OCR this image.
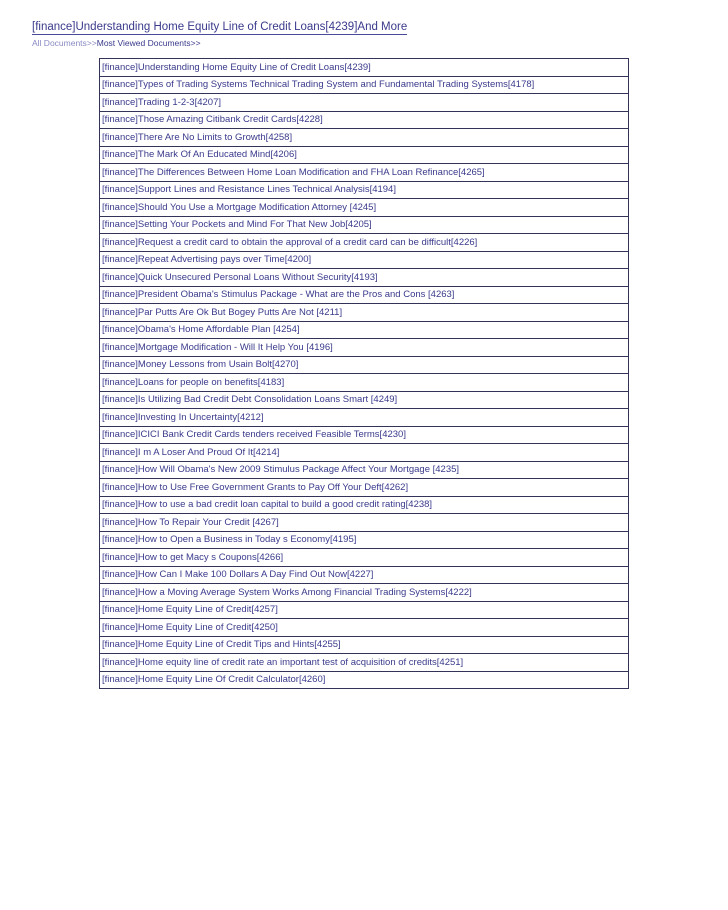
[finance]Understanding Home Equity Line of Credit Loans[4239]And More
All Documents>>Most Viewed Documents>>
[finance]Understanding Home Equity Line of Credit Loans[4239]
[finance]Types of Trading Systems Technical Trading System and Fundamental Trading Systems[4178]
[finance]Trading 1-2-3[4207]
[finance]Those Amazing Citibank Credit Cards[4228]
[finance]There Are No Limits to Growth[4258]
[finance]The Mark Of An Educated Mind[4206]
[finance]The Differences Between Home Loan Modification and FHA Loan Refinance[4265]
[finance]Support Lines and Resistance Lines Technical Analysis[4194]
[finance]Should You Use a Mortgage Modification Attorney [4245]
[finance]Setting Your Pockets and Mind For That New Job[4205]
[finance]Request a credit card to obtain the approval of a credit card can be difficult[4226]
[finance]Repeat Advertising pays over Time[4200]
[finance]Quick Unsecured Personal Loans Without Security[4193]
[finance]President Obama's Stimulus Package - What are the Pros and Cons [4263]
[finance]Par Putts Are Ok But Bogey Putts Are Not [4211]
[finance]Obama's Home Affordable Plan [4254]
[finance]Mortgage Modification - Will It Help You [4196]
[finance]Money Lessons from Usain Bolt[4270]
[finance]Loans for people on benefits[4183]
[finance]Is Utilizing Bad Credit Debt Consolidation Loans Smart [4249]
[finance]Investing In Uncertainty[4212]
[finance]ICICI Bank Credit Cards tenders received Feasible Terms[4230]
[finance]I m A Loser And Proud Of It[4214]
[finance]How Will Obama's New 2009 Stimulus Package Affect Your Mortgage [4235]
[finance]How to Use Free Government Grants to Pay Off Your Deft[4262]
[finance]How to use a bad credit loan capital to build a good credit rating[4238]
[finance]How To Repair Your Credit [4267]
[finance]How to Open a Business in Today s Economy[4195]
[finance]How to get Macy s Coupons[4266]
[finance]How Can I Make 100 Dollars A Day Find Out Now[4227]
[finance]How a Moving Average System Works Among Financial Trading Systems[4222]
[finance]Home Equity Line of Credit[4257]
[finance]Home Equity Line of Credit[4250]
[finance]Home Equity Line of Credit Tips and Hints[4255]
[finance]Home equity line of credit rate an important test of acquisition of credits[4251]
[finance]Home Equity Line Of Credit Calculator[4260]
